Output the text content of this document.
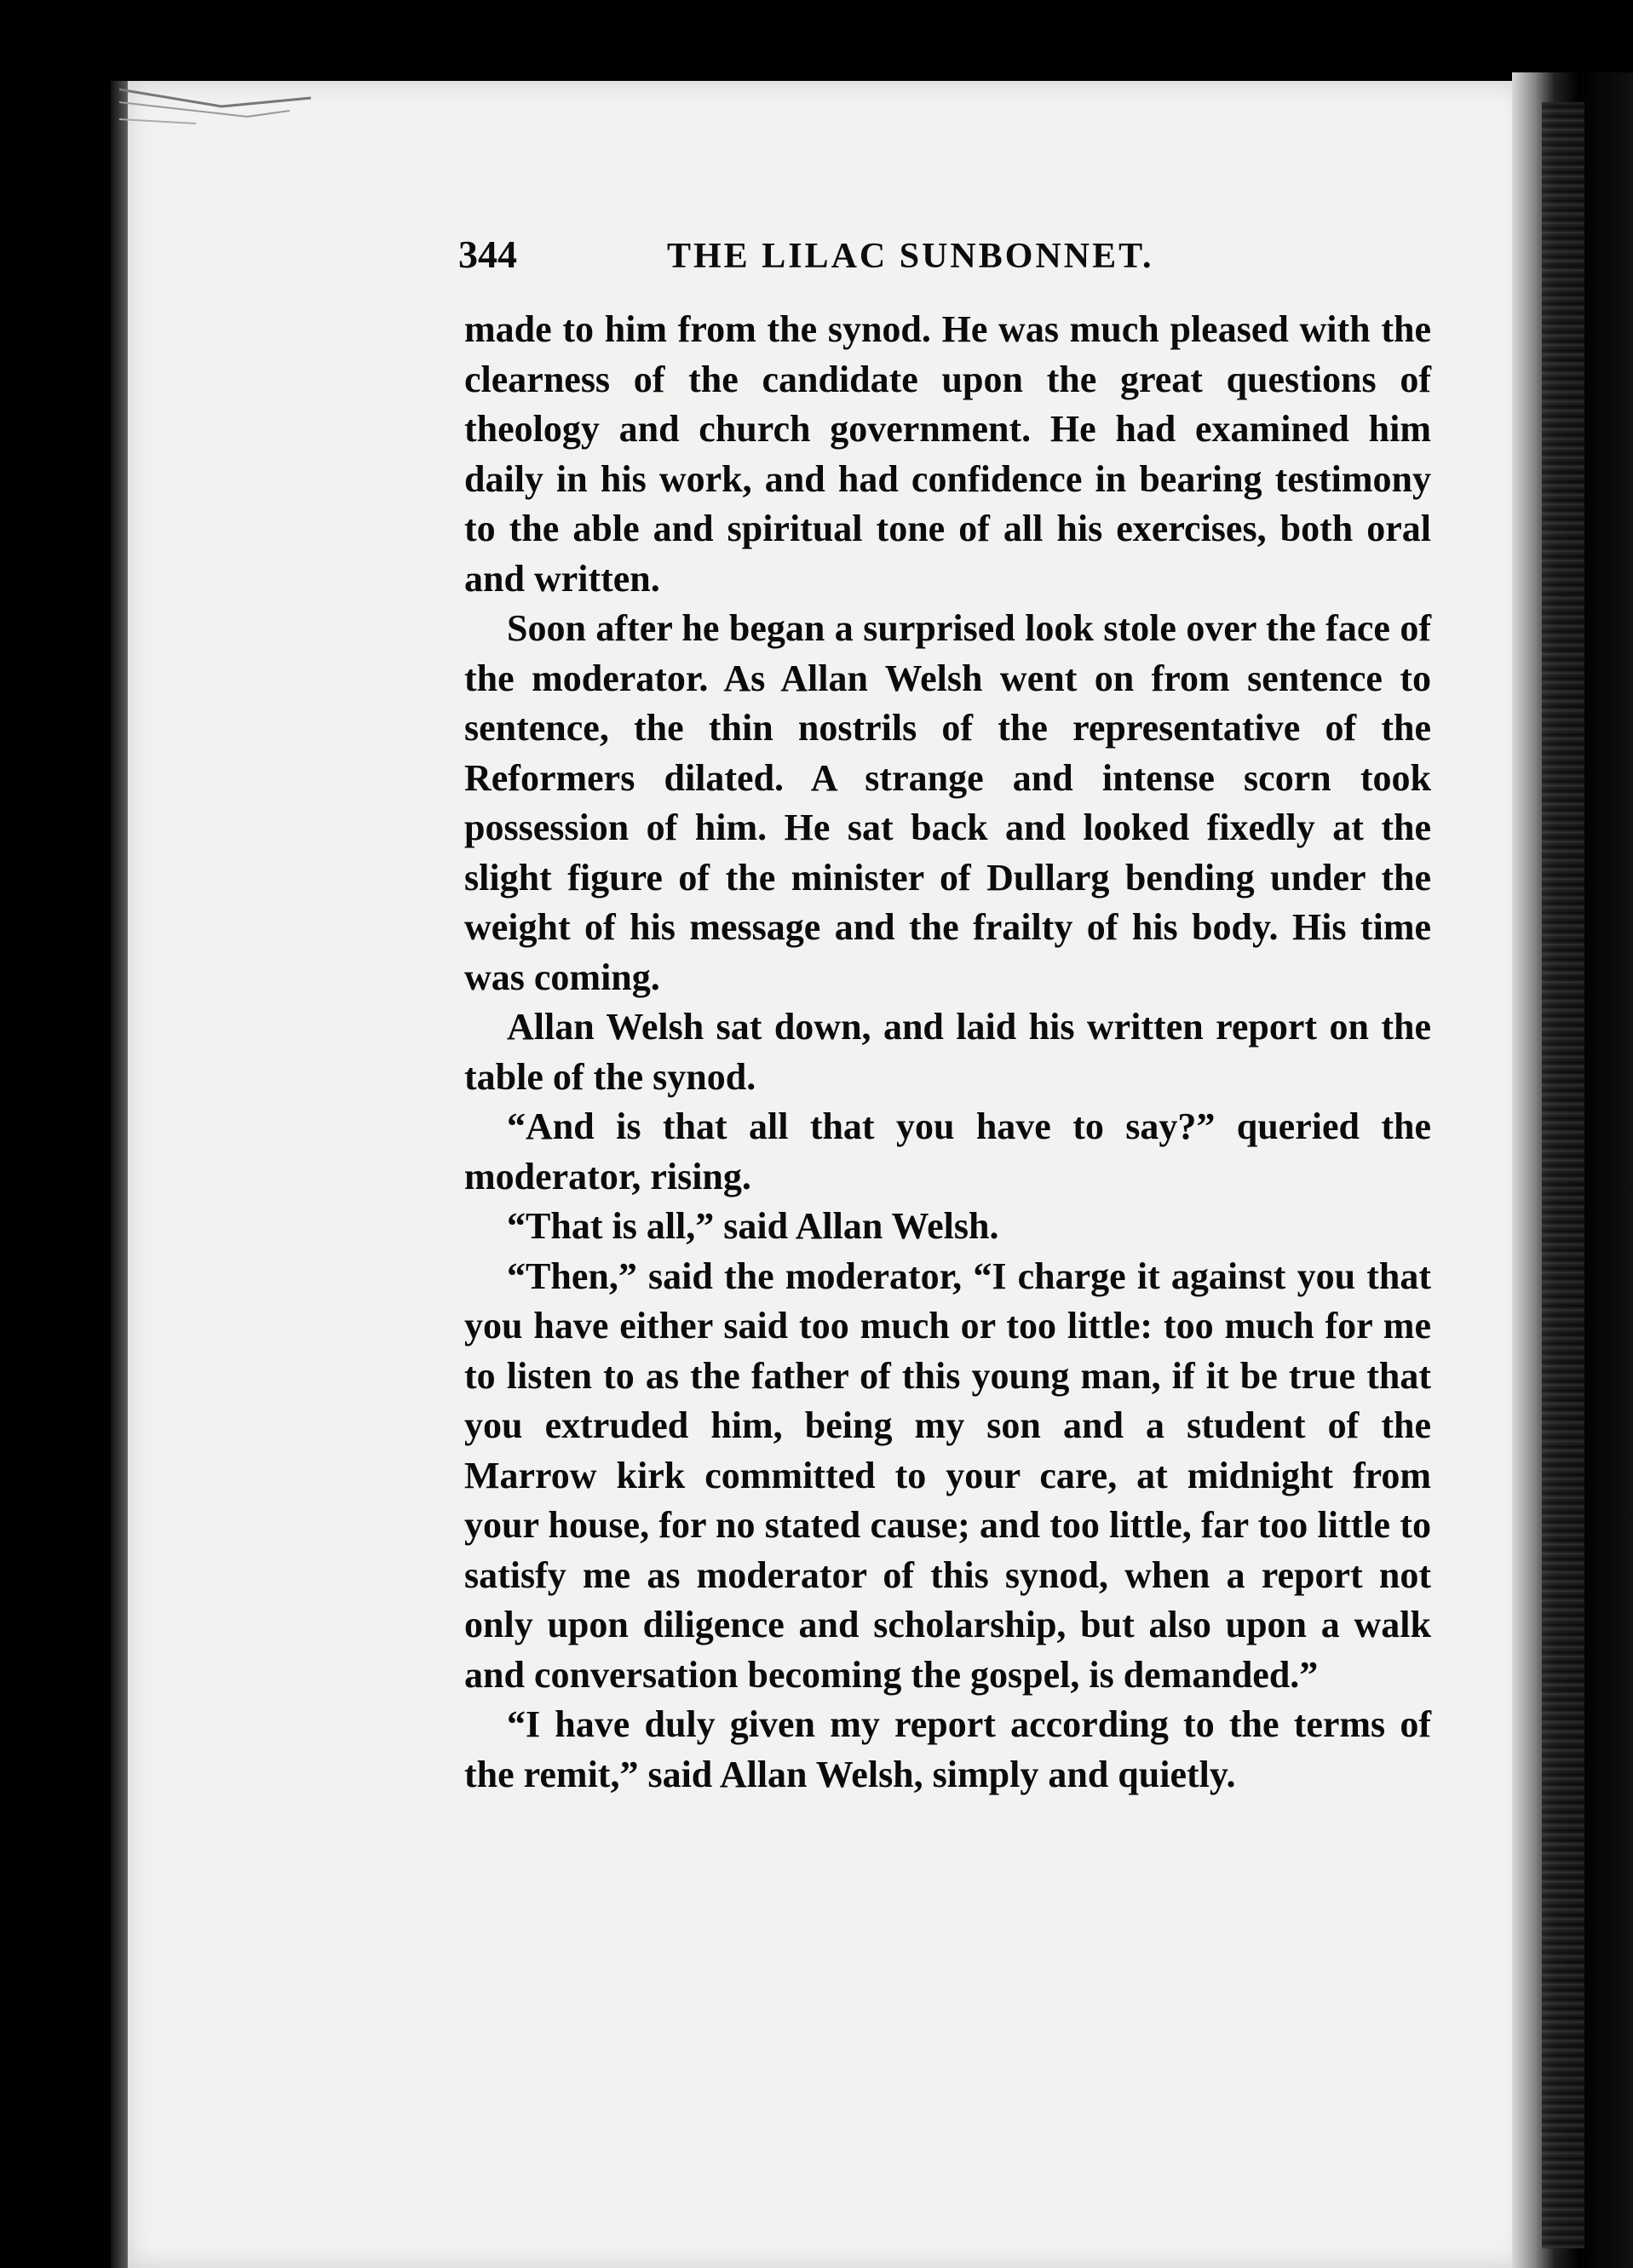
344	THE LILAC SUNBONNET.

made to him from the synod. He was much pleased with the clearness of the candidate upon the great questions of theology and church government. He had examined him daily in his work, and had confidence in bearing testimony to the able and spiritual tone of all his exercises, both oral and written.

Soon after he began a surprised look stole over the face of the moderator. As Allan Welsh went on from sentence to sentence, the thin nostrils of the representative of the Reformers dilated. A strange and intense scorn took possession of him. He sat back and looked fixedly at the slight figure of the minister of Dullarg bending under the weight of his message and the frailty of his body. His time was coming.

Allan Welsh sat down, and laid his written report on the table of the synod.

“And is that all that you have to say?” queried the moderator, rising.

“That is all,” said Allan Welsh.

“Then,” said the moderator, “I charge it against you that you have either said too much or too little: too much for me to listen to as the father of this young man, if it be true that you extruded him, being my son and a student of the Marrow kirk committed to your care, at midnight from your house, for no stated cause; and too little, far too little to satisfy me as moderator of this synod, when a report not only upon diligence and scholarship, but also upon a walk and conversation becoming the gospel, is demanded.”

“I have duly given my report according to the terms of the remit,” said Allan Welsh, simply and quietly.
